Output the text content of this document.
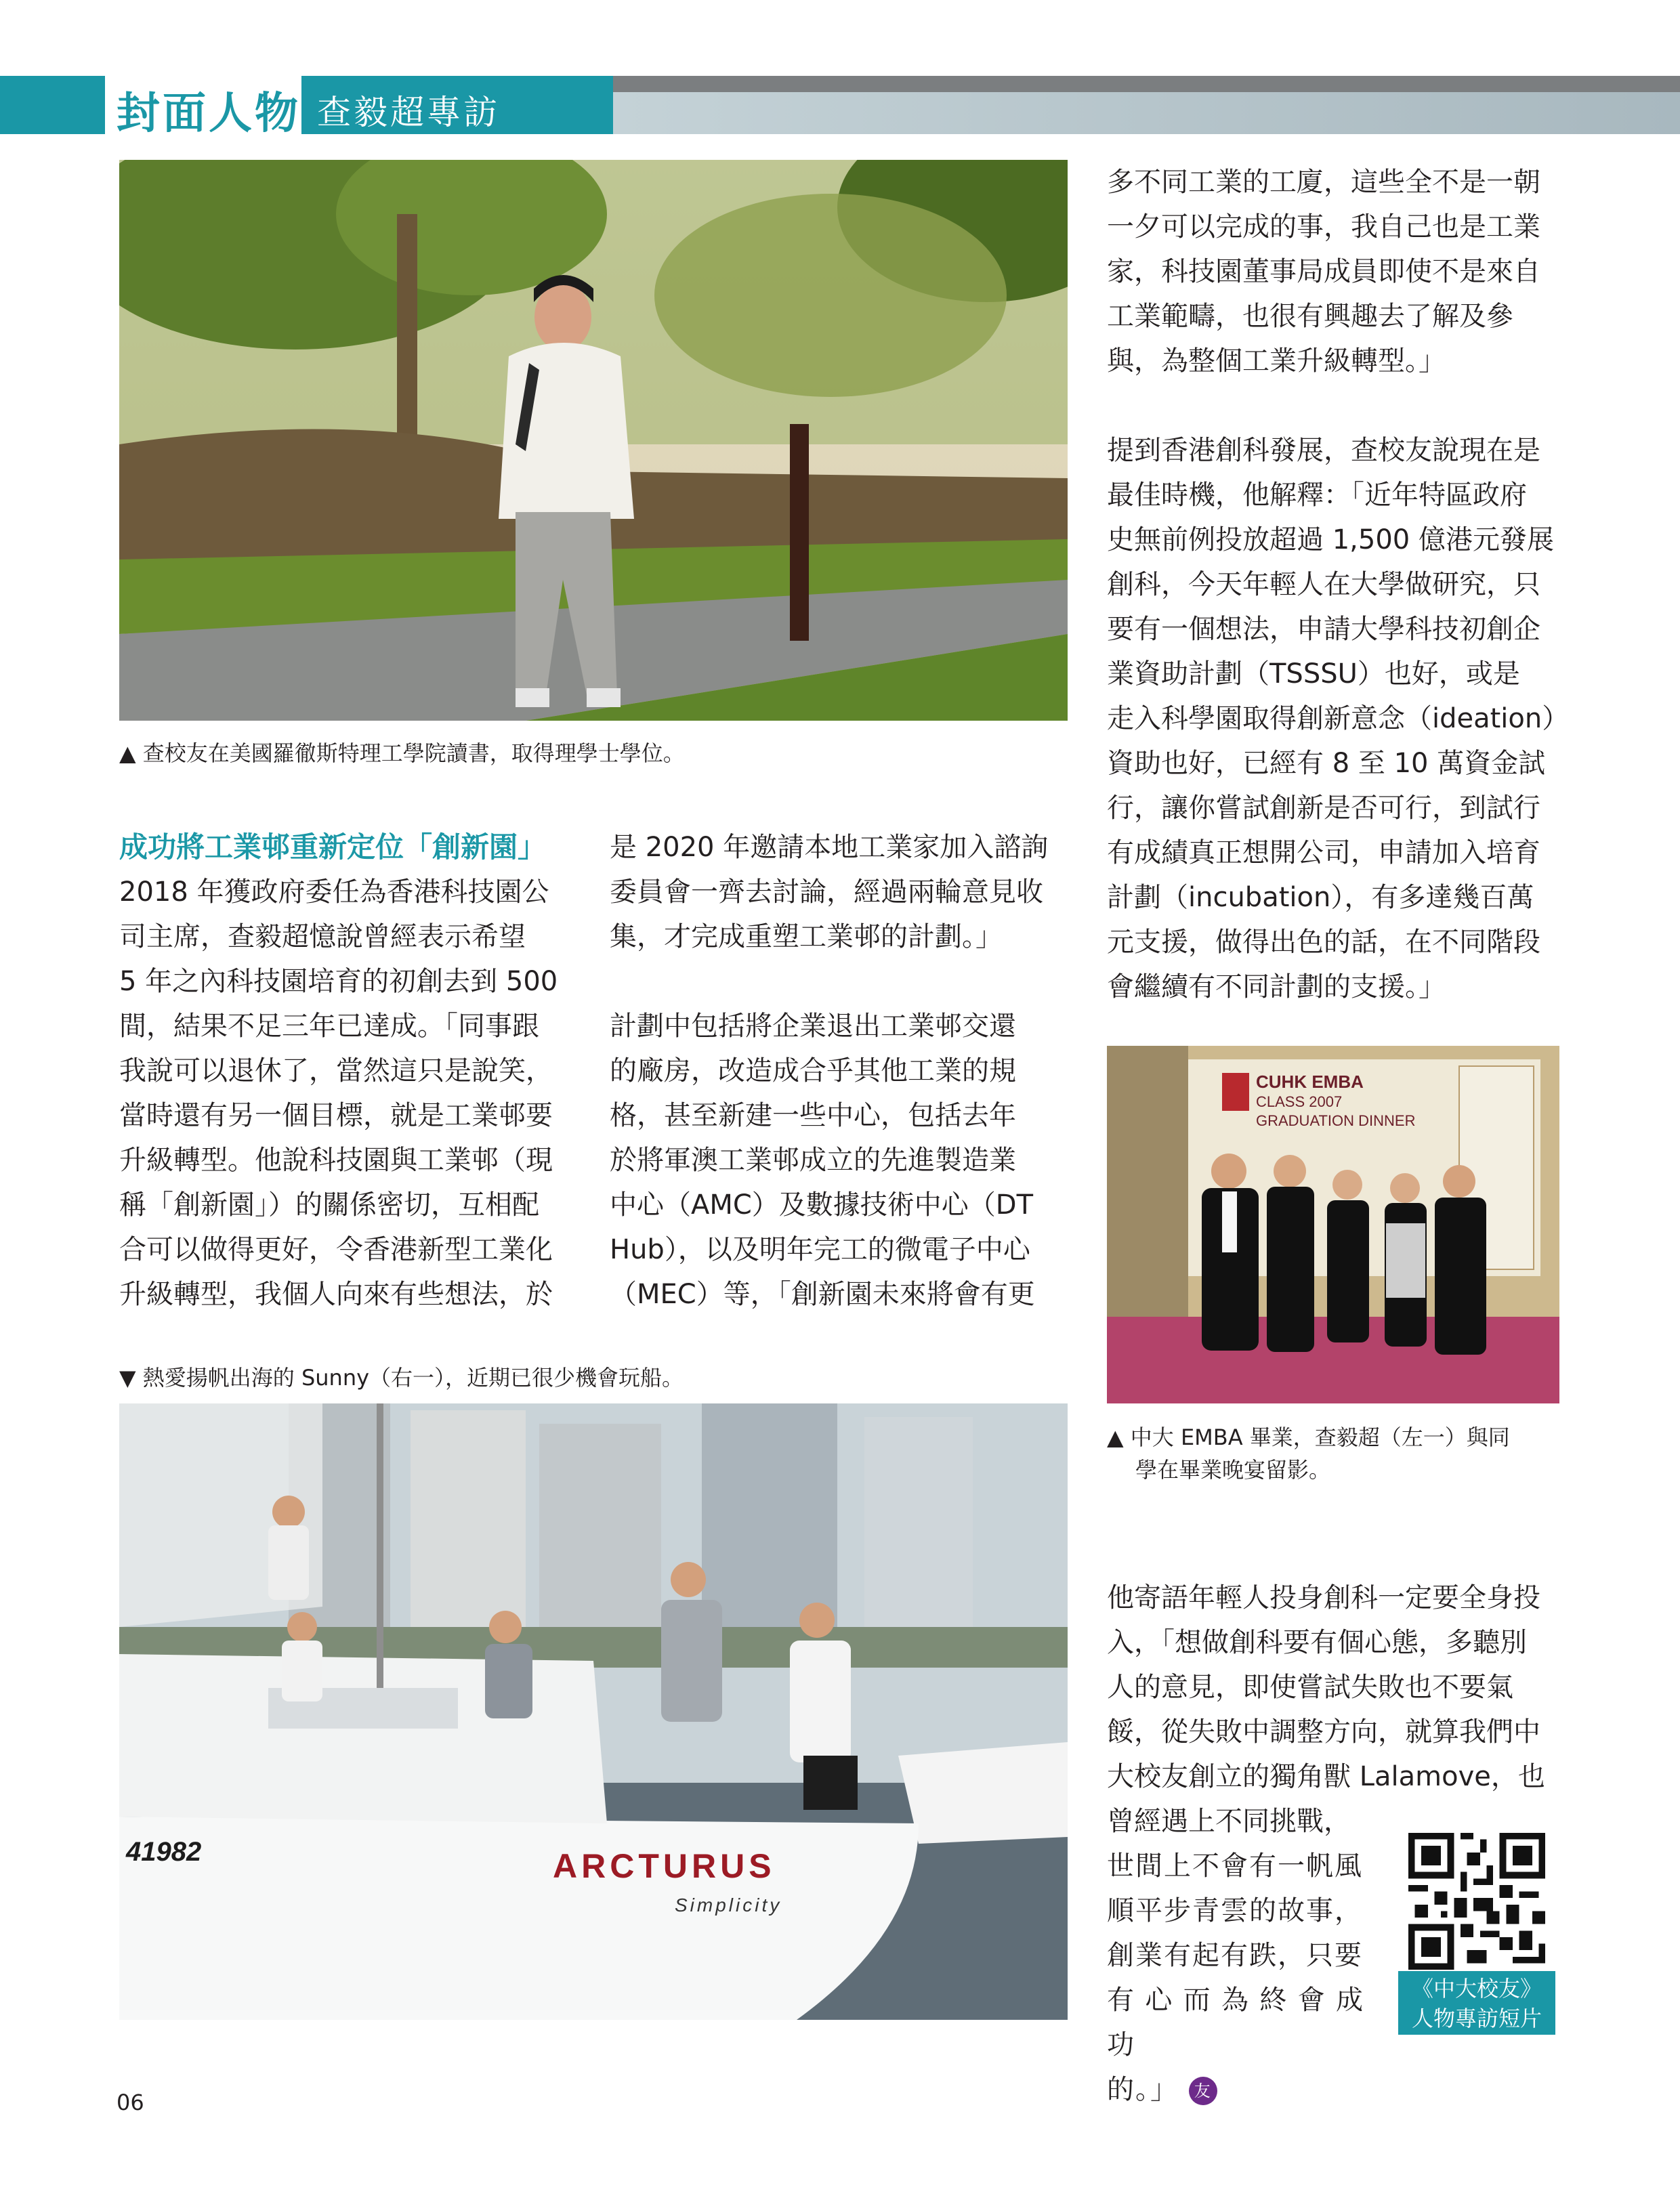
封面人物 查毅超專訪
▲ 查校友在美國羅徹斯特理工學院讀書，取得理學士學位。
成功將工業邨重新定位「創新園」

2018 年獲政府委任為香港科技園公

司主席，查毅超憶說曾經表示希望

5 年之內科技園培育的初創去到 500

間，結果不足三年已達成。「同事跟

我說可以退休了，當然這只是說笑，

當時還有另一個目標，就是工業邨要

升級轉型。他說科技園與工業邨（現

稱「創新園」）的關係密切，互相配

合可以做得更好，令香港新型工業化

升級轉型，我個人向來有些想法，於

是 2020 年邀請本地工業家加入諮詢

委員會一齊去討論，經過兩輪意見收

集，才完成重塑工業邨的計劃。」

計劃中包括將企業退出工業邨交還

的廠房，改造成合乎其他工業的規

格，甚至新建一些中心，包括去年

於將軍澳工業邨成立的先進製造業

中心（AMC）及數據技術中心（DT

Hub），以及明年完工的微電子中心

（MEC）等，「創新園未來將會有更

多不同工業的工廈，這些全不是一朝

一夕可以完成的事，我自己也是工業

家，科技園董事局成員即使不是來自

工業範疇，也很有興趣去了解及參

與，為整個工業升級轉型。」

提到香港創科發展，查校友說現在是

最佳時機，他解釋：「近年特區政府

史無前例投放超過 1,500 億港元發展

創科，今天年輕人在大學做研究，只

要有一個想法，申請大學科技初創企

業資助計劃（TSSSU）也好，或是

走入科學園取得創新意念（ideation）

資助也好，已經有 8 至 10 萬資金試

行，讓你嘗試創新是否可行，到試行

有成績真正想開公司，申請加入培育

計劃（incubation），有多達幾百萬

元支援，做得出色的話，在不同階段

會繼續有不同計劃的支援。」

CUHK EMBA
CLASS 2007
GRADUATION DINNER
▲ 中大 EMBA 畢業，查毅超（左一）與同
學在畢業晚宴留影。

他寄語年輕人投身創科一定要全身投

入，「想做創科要有個心態，多聽別

人的意見，即使嘗試失敗也不要氣

餒，從失敗中調整方向，就算我們中

大校友創立的獨角獸 Lalamove，也

曾經遇上不同挑戰，

世間上不會有一帆風

順平步青雲的故事，

創業有起有跌，只要

有心而為終會成功

的。」 友

《中大校友》
人物專訪短片
▼ 熱愛揚帆出海的 Sunny（右一），近期已很少機會玩船。
41982	ARCTURUS
Simplicity
06
